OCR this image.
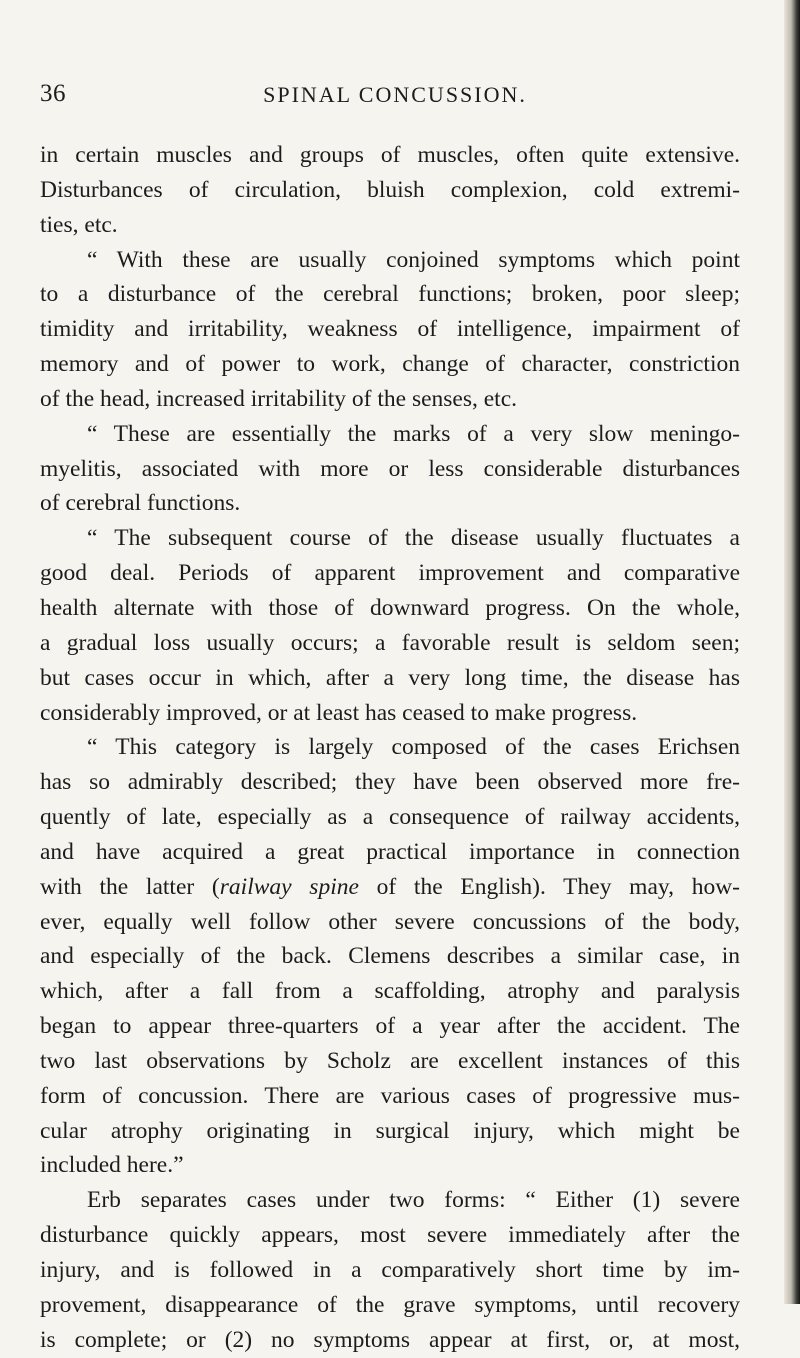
36	SPINAL CONCUSSION.
in certain muscles and groups of muscles, often quite extensive.
Disturbances of circulation, bluish complexion, cold extremi-
ties, etc.
“ With these are usually conjoined symptoms which point
to a disturbance of the cerebral functions; broken, poor sleep;
timidity and irritability, weakness of intelligence, impairment of
memory and of power to work, change of character, constriction
of the head, increased irritability of the senses, etc.
“ These are essentially the marks of a very slow meningo-
myelitis, associated with more or less considerable disturbances
of cerebral functions.
“ The subsequent course of the disease usually fluctuates a
good deal. Periods of apparent improvement and comparative
health alternate with those of downward progress. On the whole,
a gradual loss usually occurs; a favorable result is seldom seen;
but cases occur in which, after a very long time, the disease has
considerably improved, or at least has ceased to make progress.
“ This category is largely composed of the cases Erichsen
has so admirably described; they have been observed more fre-
quently of late, especially as a consequence of railway accidents,
and have acquired a great practical importance in connection
with the latter (railway spine of the English). They may, how-
ever, equally well follow other severe concussions of the body,
and especially of the back. Clemens describes a similar case, in
which, after a fall from a scaffolding, atrophy and paralysis
began to appear three-quarters of a year after the accident. The
two last observations by Scholz are excellent instances of this
form of concussion. There are various cases of progressive mus-
cular atrophy originating in surgical injury, which might be
included here.”
Erb separates cases under two forms: “ Either (1) severe
disturbance quickly appears, most severe immediately after the
injury, and is followed in a comparatively short time by im-
provement, disappearance of the grave symptoms, until recovery
is complete; or (2) no symptoms appear at first, or, at most,
